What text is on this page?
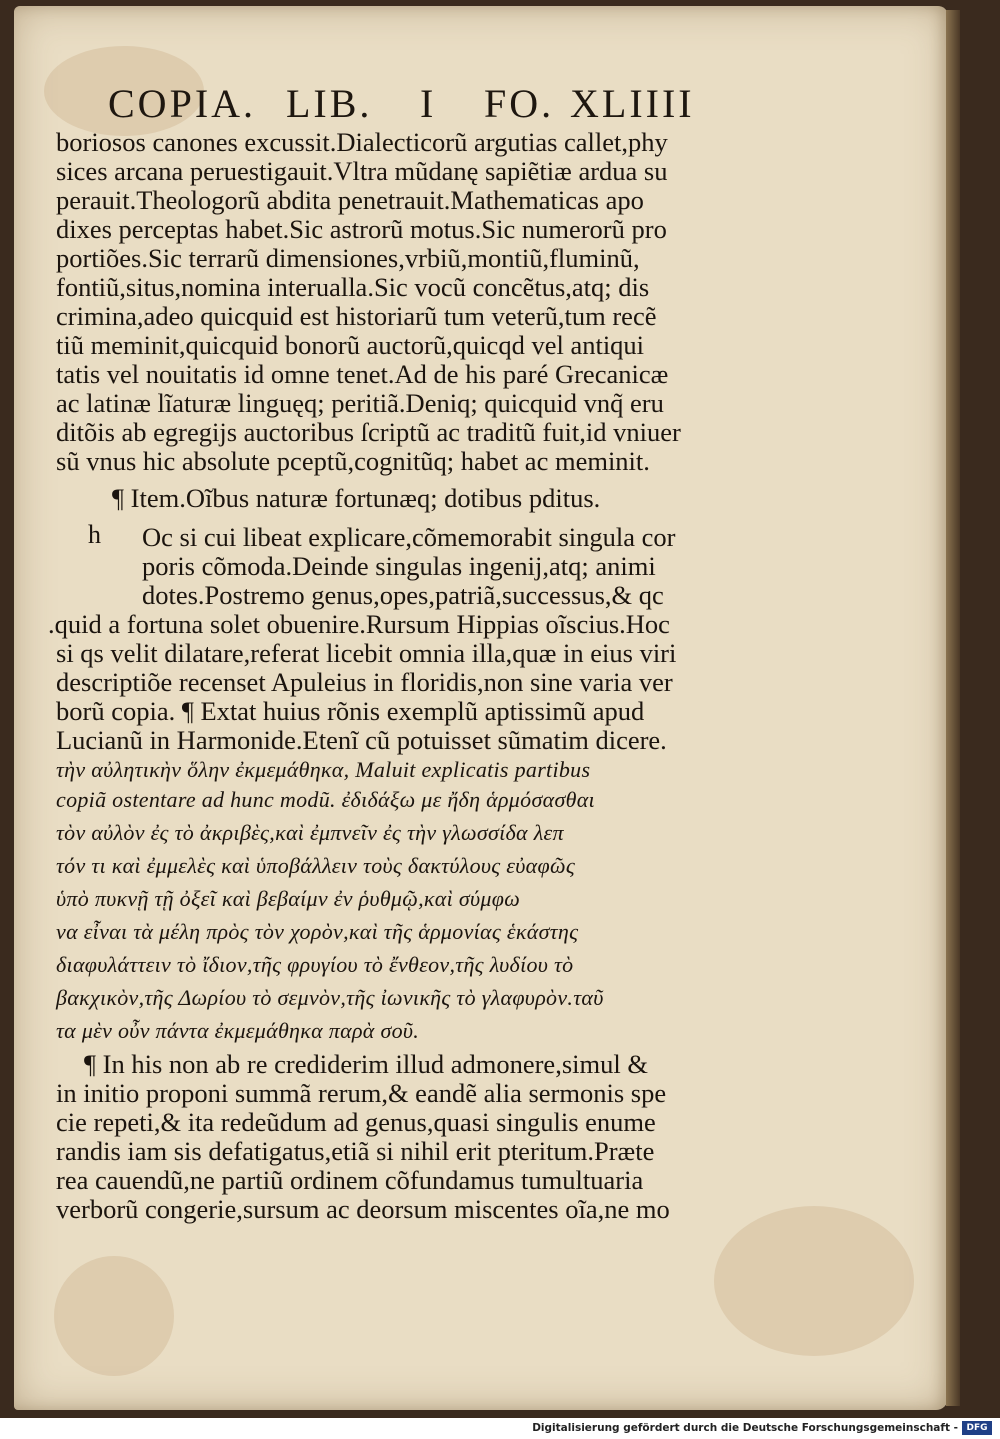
COPIA. LIB. I FO. XLIIII
boriosos canones excussit.Dialecticorũ argutias callet,phy
sices arcana peruestigauit.Vltra mũdanę sapiẽtiæ ardua su
perauit.Theologorũ abdita penetrauit.Mathematicas apo
dixes perceptas habet.Sic astrorũ motus.Sic numerorũ pro
portiões.Sic terrarũ dimensiones,vrbiũ,montiũ,fluminũ,
fontiũ,situs,nomina interualla.Sic vocũ concẽtus,atq; dis
crimina,adeo quicquid est historiarũ tum veterũ,tum recẽ
tiũ meminit,quicquid bonorũ auctorũ,quicqd vel antiqui
tatis vel nouitatis id omne tenet.Ad de his paré Grecanicæ
ac latinæ lĩaturæ linguęq; peritiã.Deniq; quicquid vnq̃ eru
ditõis ab egregijs auctoribus ſcriptũ ac traditũ fuit,id vniuer
sũ vnus hic absolute pceptũ,cognitũq; habet ac meminit.
¶ Item.Oĩbus naturæ fortunæq; dotibus pditus.
h Oc si cui libeat explicare,cõmemorabit singula cor
poris cõmoda.Deinde singulas ingenij,atq; animi
dotes.Postremo genus,opes,patriã,successus,& qc
.quid a fortuna solet obuenire.Rursum Hippias oĩscius.Hoc
si qs velit dilatare,referat licebit omnia illa,quæ in eius viri
descriptiõe recenset Apuleius in floridis,non sine varia ver
borũ copia. ¶ Extat huius rõnis exemplũ aptissimũ apud
Lucianũ in Harmonide.Etenĩ cũ potuisset sũmatim dicere.
τὴν αὐλητικὴν ὅλην ἐκμεμάθηκα, Maluit explicatis partibus
copiã ostentare ad hunc modũ. ἐδιδάξω με ἤδη ἁρμόσασθαι
τὸν αὐλὸν ἐς τὸ ἀκριβὲς,καὶ ἐμπνεῖν ἐς τὴν γλωσσίδα λεπ
τόν τι καὶ ἐμμελὲς καὶ ὑποβάλλειν τοὺς δακτύλους εὐαφῶς
ὑπὸ πυκνῇ τῇ ὀξεῖ καὶ βεβαίμν ἐν ῥυθμῷ,καὶ σύμφω
να εἶναι τὰ μέλη πρὸς τὸν χορὸν,καὶ τῆς ἁρμονίας ἑκάστης
διαφυλάττειν τὸ ἴδιον,τῆς φρυγίου τὸ ἔνθεον,τῆς λυδίου τὸ
βακχικὸν,τῆς Δωρίου τὸ σεμνὸν,τῆς ἰωνικῆς τὸ γλαφυρὸν.ταῦ
τα μὲν οὖν πάντα ἐκμεμάθηκα παρὰ σοῦ.
¶ In his non ab re crediderim illud admonere,simul &
in initio proponi summã rerum,& eandẽ alia sermonis spe
cie repeti,& ita redeũdum ad genus,quasi singulis enume
randis iam sis defatigatus,etiã si nihil erit pteritum.Præte
rea cauendũ,ne partiũ ordinem cõfundamus tumultuaria
verborũ congerie,sursum ac deorsum miscentes oĩa,ne mo
Digitalisierung gefördert durch die Deutsche Forschungsgemeinschaft - DFG
